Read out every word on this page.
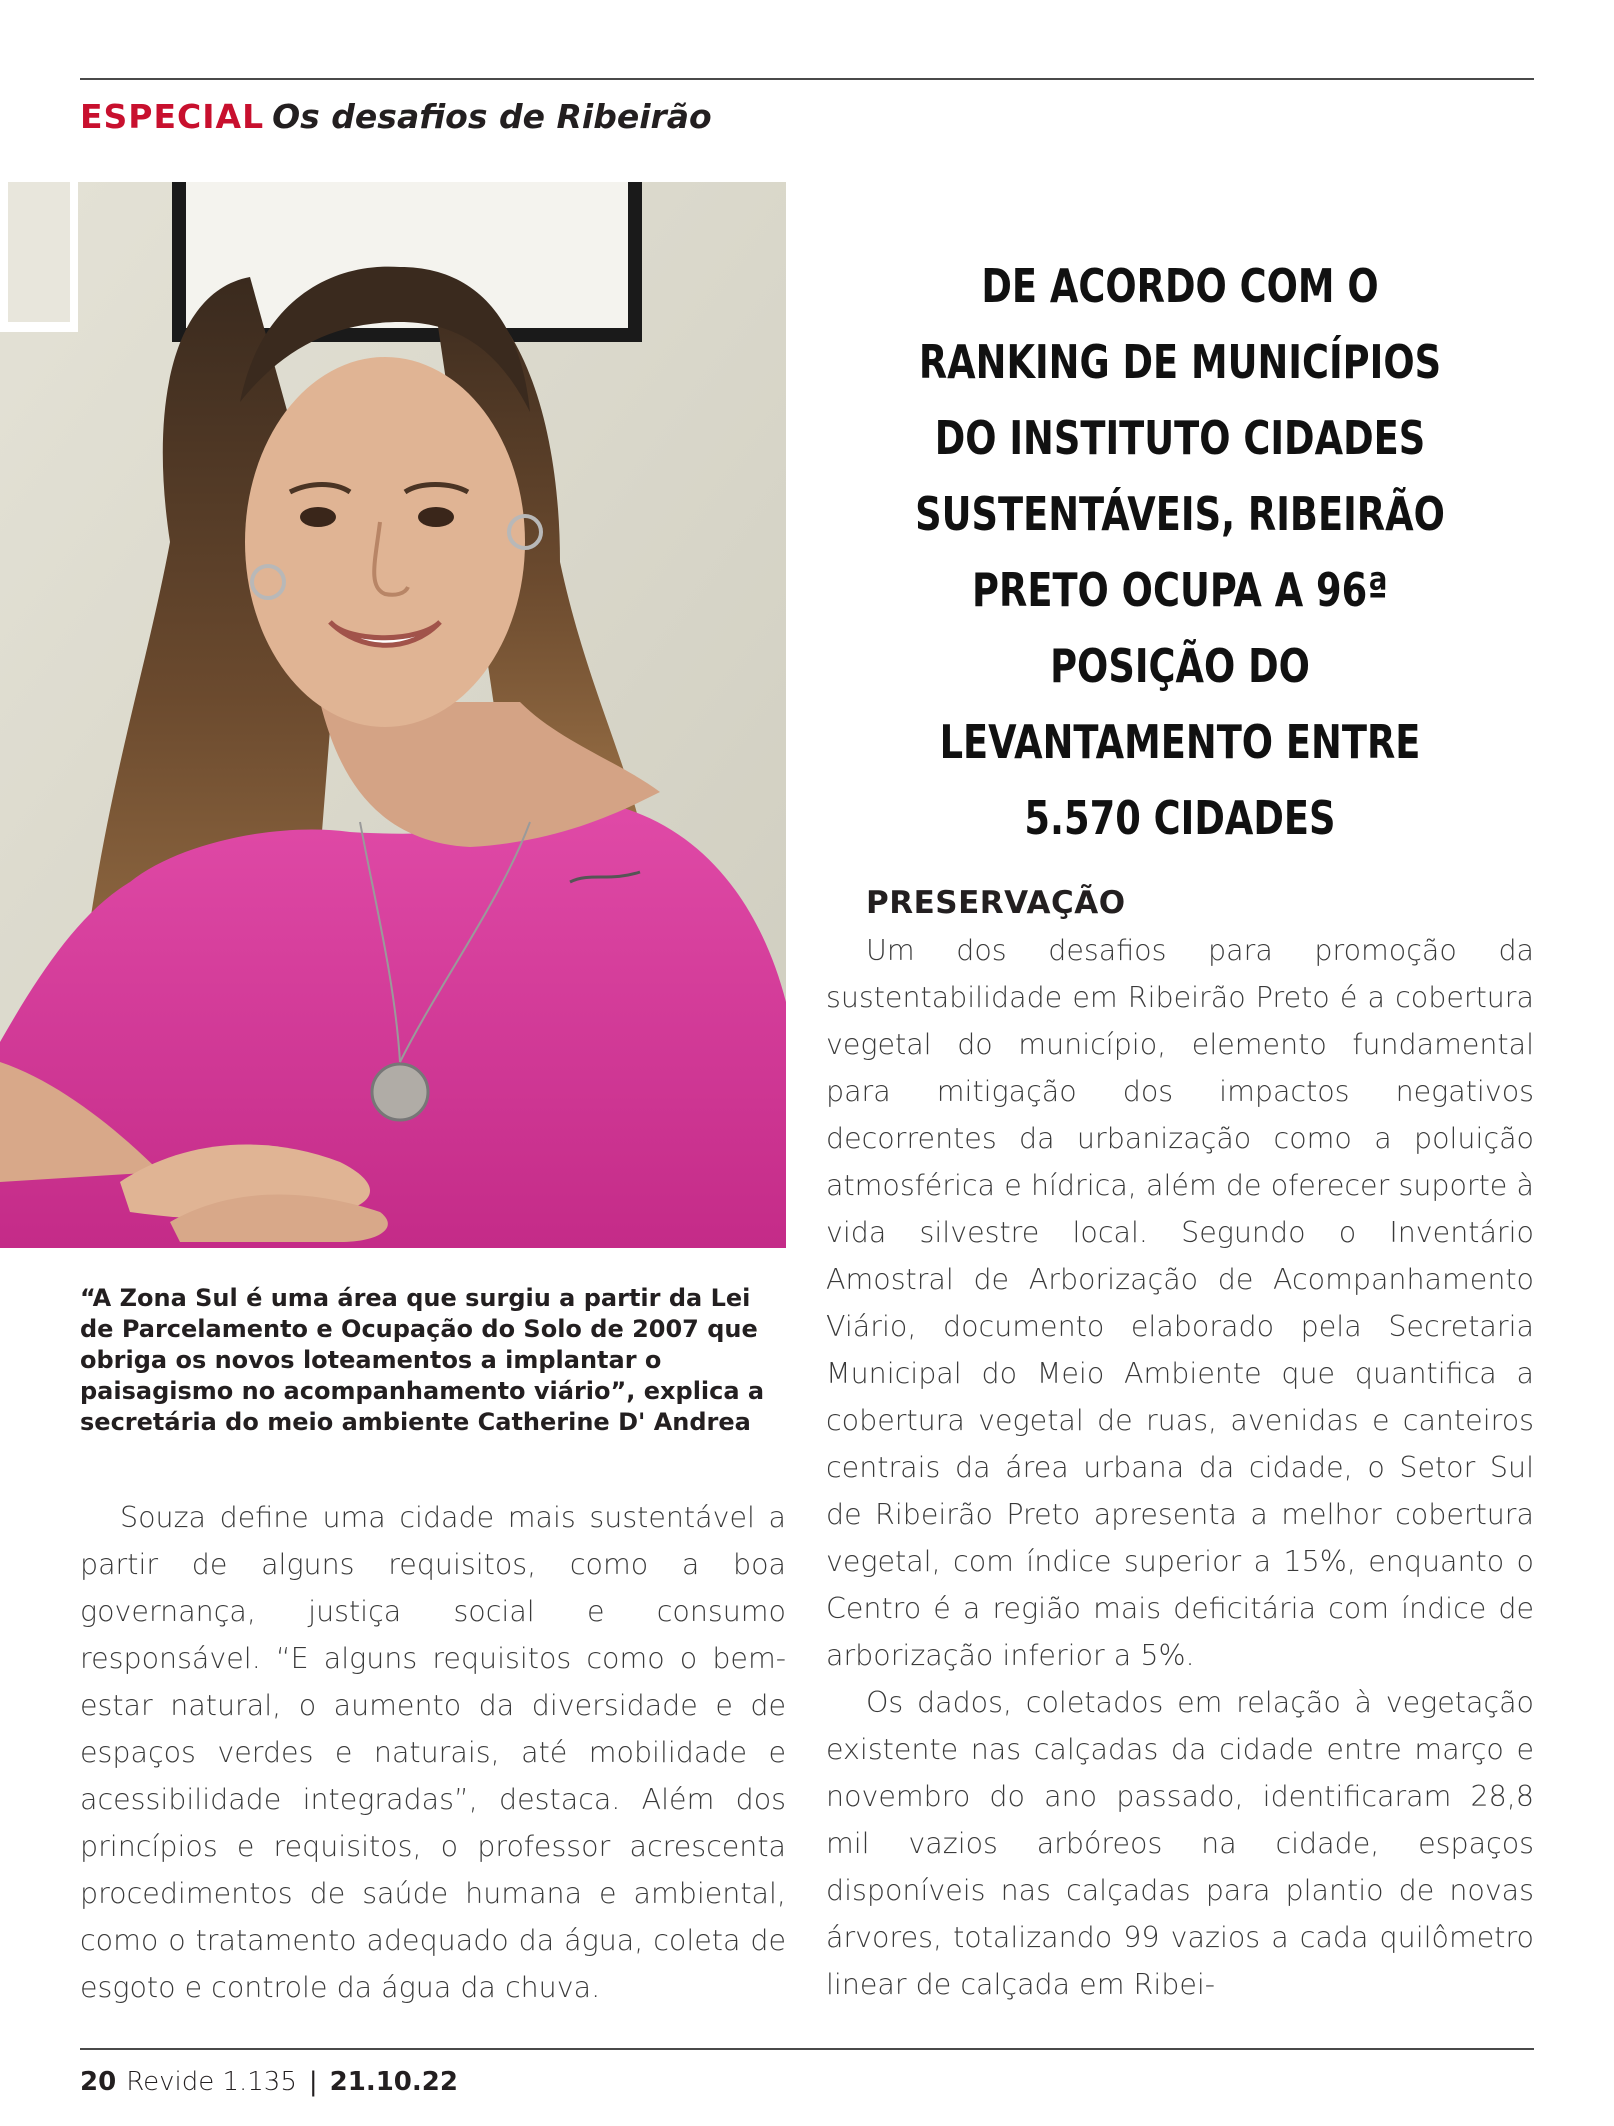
ESPECIAL Os desafios de Ribeirão
“A Zona Sul é uma área que surgiu a partir da Lei de Parcelamento e Ocupação do Solo de 2007 que obriga os novos loteamentos a implantar o paisagismo no acompanhamento viário”, explica a secretária do meio ambiente Catherine D' Andrea
DE ACORDO COM O RANKING DE MUNICÍPIOS DO INSTITUTO CIDADES SUSTENTÁVEIS, RIBEIRÃO PRETO OCUPA A 96ª POSIÇÃO DO LEVANTAMENTO ENTRE 5.570 CIDADES

Souza define uma cidade mais sustentável a partir de alguns requisitos, como a boa governança, justiça social e consumo responsável. “E alguns requisitos como o bem-estar natural, o aumento da diversidade e de espaços verdes e naturais, até mobilidade e acessibilidade integradas”, destaca. Além dos princípios e requisitos, o professor acrescenta procedimentos de saúde humana e ambiental, como o tratamento adequado da água, coleta de esgoto e controle da água da chuva.

PRESERVAÇÃO

Um dos desafios para promoção da sustentabilidade em Ribeirão Preto é a cobertura vegetal do município, elemento fundamental para mitigação dos impactos negativos decorrentes da urbanização como a poluição atmosférica e hídrica, além de oferecer suporte à vida silvestre local. Segundo o Inventário Amostral de Arborização de Acompanhamento Viário, documento elaborado pela Secretaria Municipal do Meio Ambiente que quantifica a cobertura vegetal de ruas, avenidas e canteiros centrais da área urbana da cidade, o Setor Sul de Ribeirão Preto apresenta a melhor cobertura vegetal, com índice superior a 15%, enquanto o Centro é a região mais deficitária com índice de arborização inferior a 5%.

Os dados, coletados em relação à vegetação existente nas calçadas da cidade entre março e novembro do ano passado, identificaram 28,8 mil vazios arbóreos na cidade, espaços disponíveis nas calçadas para plantio de novas árvores, totalizando 99 vazios a cada quilômetro linear de calçada em Ribei-

20 Revide 1.135 | 21.10.22
